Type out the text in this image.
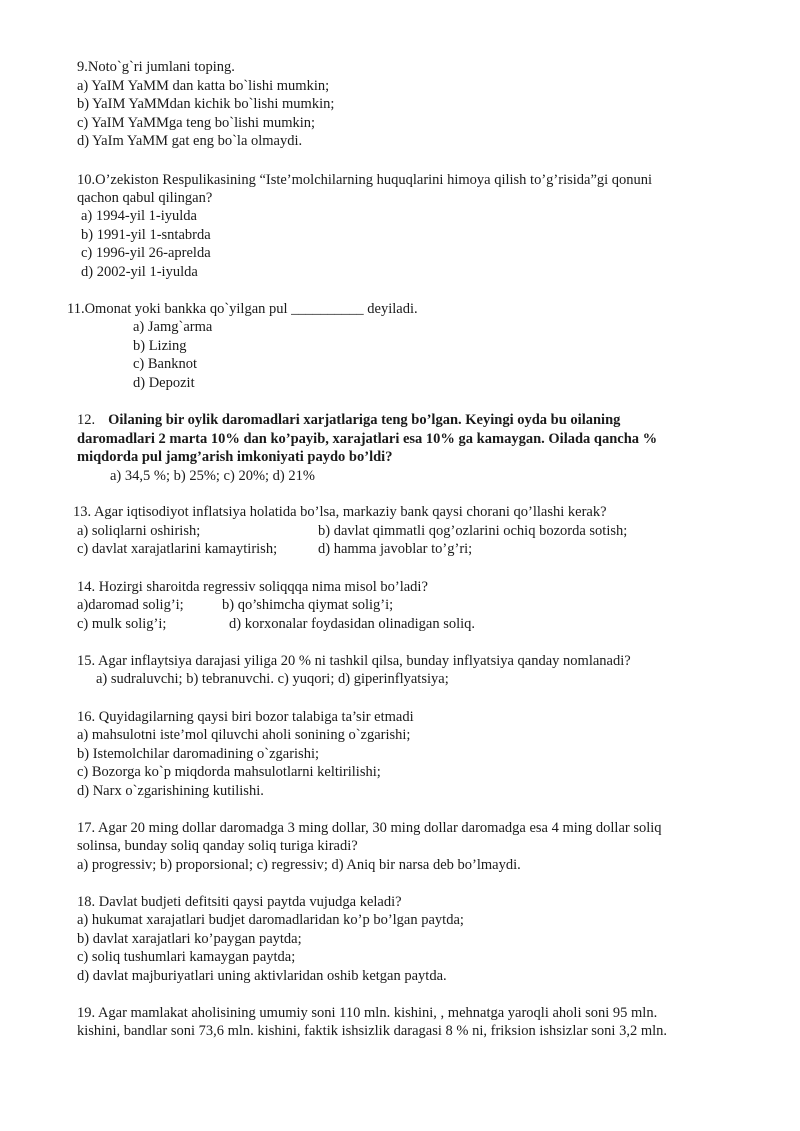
9.Noto`g`ri jumlani toping.
a) YaIM YaMM dan katta bo`lishi mumkin;
b) YaIM YaMMdan kichik bo`lishi mumkin;
c) YaIM YaMMga teng bo`lishi mumkin;
d) YaIm YaMM gat eng bo`la olmaydi.
10.O’zekiston Respulikasining “Iste’molchilarning huquqlarini himoya qilish to’g’risida”gi qonuni
qachon qabul qilingan?
a) 1994-yil 1-iyulda
b) 1991-yil 1-sntabrda
c) 1996-yil 26-aprelda
d) 2002-yil 1-iyulda
11.Omonat yoki bankka qo`yilgan pul __________ deyiladi.
a) Jamg`arma
b) Lizing
c) Banknot
d) Depozit
12. Oilaning bir oylik daromadlari xarjatlariga teng bo’lgan. Keyingi oyda bu oilaning
daromadlari 2 marta 10% dan ko’payib, xarajatlari esa 10% ga kamaygan. Oilada qancha %
miqdorda pul jamg’arish imkoniyati paydo bo’ldi?
a) 34,5 %; b) 25%; c) 20%; d) 21%
13. Agar iqtisodiyot inflatsiya holatida bo’lsa, markaziy bank qaysi chorani qo’llashi kerak?
a) soliqlarni oshirish;	b) davlat qimmatli qog’ozlarini ochiq bozorda sotish;
c) davlat xarajatlarini kamaytirish;	d) hamma javoblar to’g’ri;
14. Hozirgi sharoitda regressiv soliqqqa nima misol bo’ladi?
a)daromad solig’i;	b) qo’shimcha qiymat solig’i;
c) mulk solig’i;	d) korxonalar foydasidan olinadigan soliq.
15. Agar inflaytsiya darajasi yiliga 20 % ni tashkil qilsa, bunday inflyatsiya qanday nomlanadi?
a) sudraluvchi; b) tebranuvchi. c) yuqori; d) giperinflyatsiya;
16. Quyidagilarning qaysi biri bozor talabiga ta’sir etmadi
a) mahsulotni iste’mol qiluvchi aholi sonining o`zgarishi;
b) Istemolchilar daromadining o`zgarishi;
c) Bozorga ko`p miqdorda mahsulotlarni keltirilishi;
d) Narx o`zgarishining kutilishi.
17. Agar 20 ming dollar daromadga 3 ming dollar, 30 ming dollar daromadga esa 4 ming dollar soliq
solinsa, bunday soliq qanday soliq turiga kiradi?
a) progressiv; b) proporsional; c) regressiv; d) Aniq bir narsa deb bo’lmaydi.
18. Davlat budjeti defitsiti qaysi paytda vujudga keladi?
a) hukumat xarajatlari budjet daromadlaridan ko’p bo’lgan paytda;
b) davlat xarajatlari ko’paygan paytda;
c) soliq tushumlari kamaygan paytda;
d) davlat majburiyatlari uning aktivlaridan oshib ketgan paytda.
19. Agar mamlakat aholisining umumiy soni 110 mln. kishini, , mehnatga yaroqli aholi soni 95 mln.
kishini, bandlar soni 73,6 mln. kishini, faktik ishsizlik daragasi 8 % ni, friksion ishsizlar soni 3,2 mln.
